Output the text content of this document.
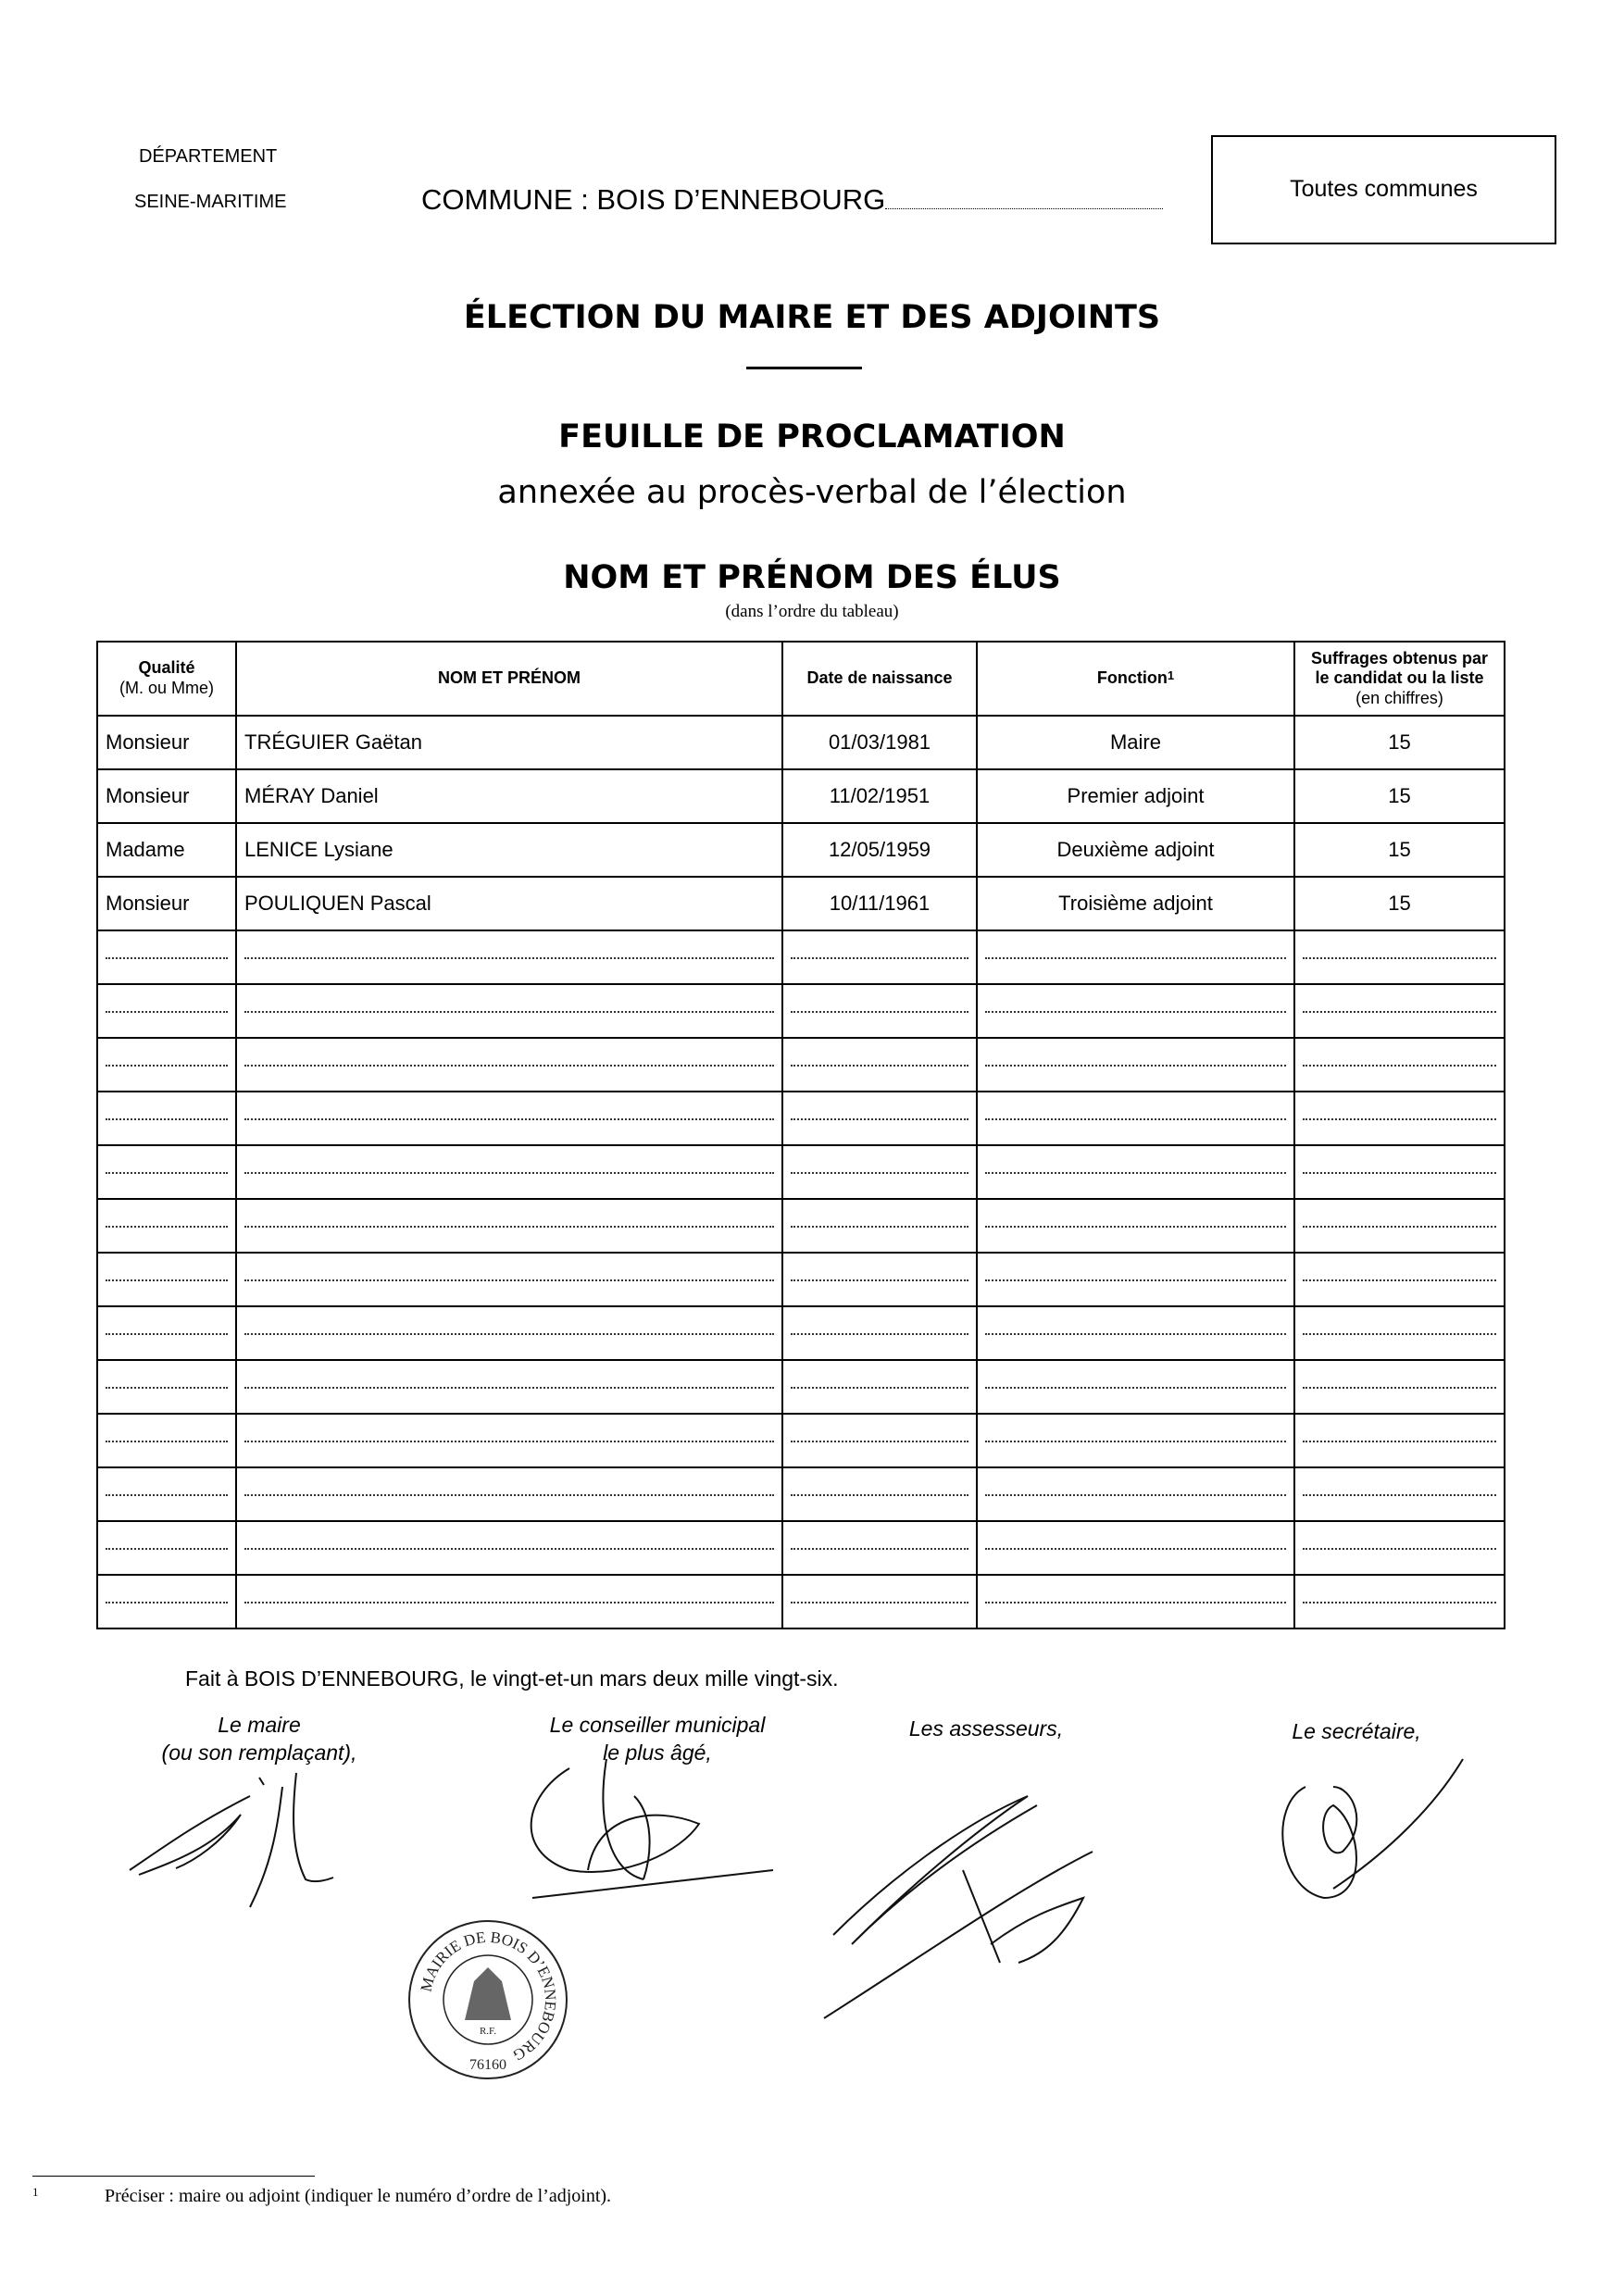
DÉPARTEMENT
SEINE-MARITIME	COMMUNE : BOIS D’ENNEBOURG	Toutes communes
ÉLECTION DU MAIRE ET DES ADJOINTS
FEUILLE DE PROCLAMATION
annexée au procès-verbal de l’élection
NOM ET PRÉNOM DES ÉLUS
(dans l’ordre du tableau)
Qualité
(M. ou Mme)	NOM ET PRÉNOM	Date de naissance	Fonction$^1$	Suffrages obtenus par
le candidat ou la liste
(en chiffres)
Monsieur	TRÉGUIER Gaëtan	01/03/1981	Maire	15
Monsieur	MÉRAY Daniel	11/02/1951	Premier adjoint	15
Madame	LENICE Lysiane	12/05/1959	Deuxième adjoint	15
Monsieur	POULIQUEN Pascal	10/11/1961	Troisième adjoint	15

Fait à BOIS D’ENNEBOURG, le vingt-et-un mars deux mille vingt-six.
Le maire
(ou son remplaçant),
Le conseiller municipal
le plus âgé,
Les assesseurs,	Le secrétaire,
MAIRIE DE BOIS D’ENNEBOURG
R.F.
76160
1	Préciser : maire ou adjoint (indiquer le numéro d’ordre de l’adjoint).
